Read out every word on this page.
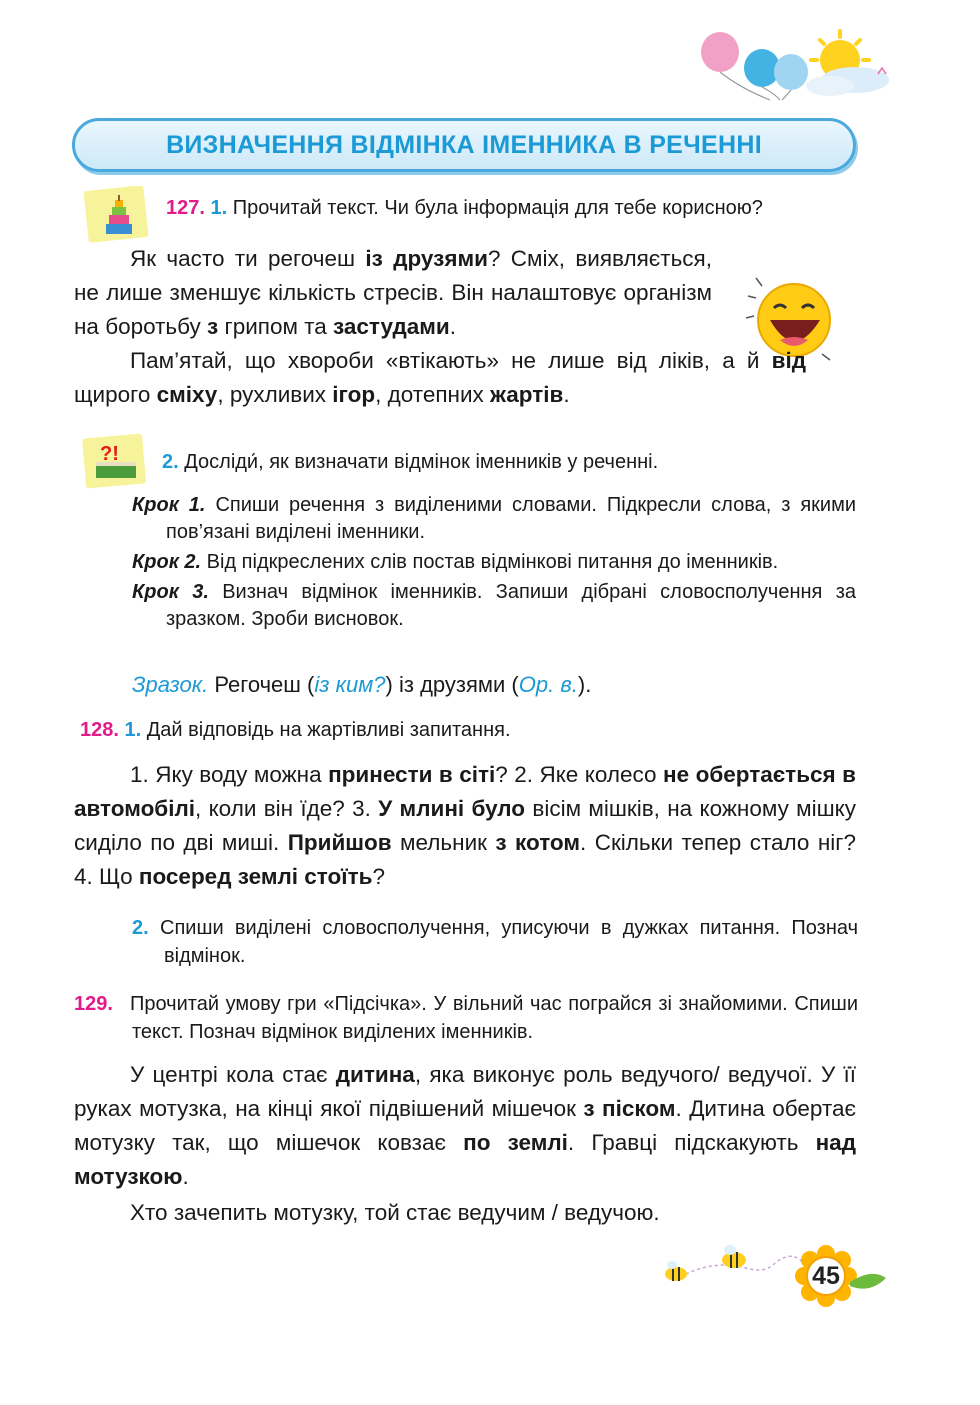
ВИЗНАЧЕННЯ ВІДМІНКА ІМЕННИКА В РЕЧЕННІ
127. 1. Прочитай текст. Чи була інформація для тебе корисною?

Як часто ти регочеш із друзями? Сміх, виявляється, не лише зменшує кількість стресів. Він налаштовує організм на боротьбу з грипом та застудами.

Пам’ятай, що хвороби «втікають» не лише від ліків, а й від щирого сміху, рухливих ігор, дотепних жартів.

?! 2. Досліди́, як визначати відмінок іменників у реченні.

Крок 1. Спиши речення з виділеними словами. Підкресли слова, з якими пов’язані виділені іменники.

Крок 2. Від підкреслених слів постав відмінкові питання до іменників.

Крок 3. Визнач відмінок іменників. Запиши дібрані словосполучення за зразком. Зроби висновок.

Зразок. Регочеш (із ким?) із друзями (Ор. в.).
128. 1. Дай відповідь на жартівливі запитання.

1. Яку воду можна принести в сіті? 2. Яке колесо не обертається в автомобілі, коли він їде? 3. У млині було вісім мішків, на кожному мішку сиділо по дві миші. Прийшов мельник з котом. Скільки тепер стало ніг? 4. Що посеред землі стоїть?

2. Спиши виділені словосполучення, уписуючи в дужках питання. Познач відмінок.
129. Прочитай умову гри «Підсічка». У вільний час пограйся зі знайомими. Спиши текст. Познач відмінок виділених іменників.

У центрі кола стає дитина, яка виконує роль ведучого/ ведучої. У її руках мотузка, на кінці якої підвішений мішечок з піском. Дитина обертає мотузку так, що мішечок ковзає по землі. Гравці підскакують над мотузкою.

Хто зачепить мотузку, той стає ведучим / ведучою.

45
